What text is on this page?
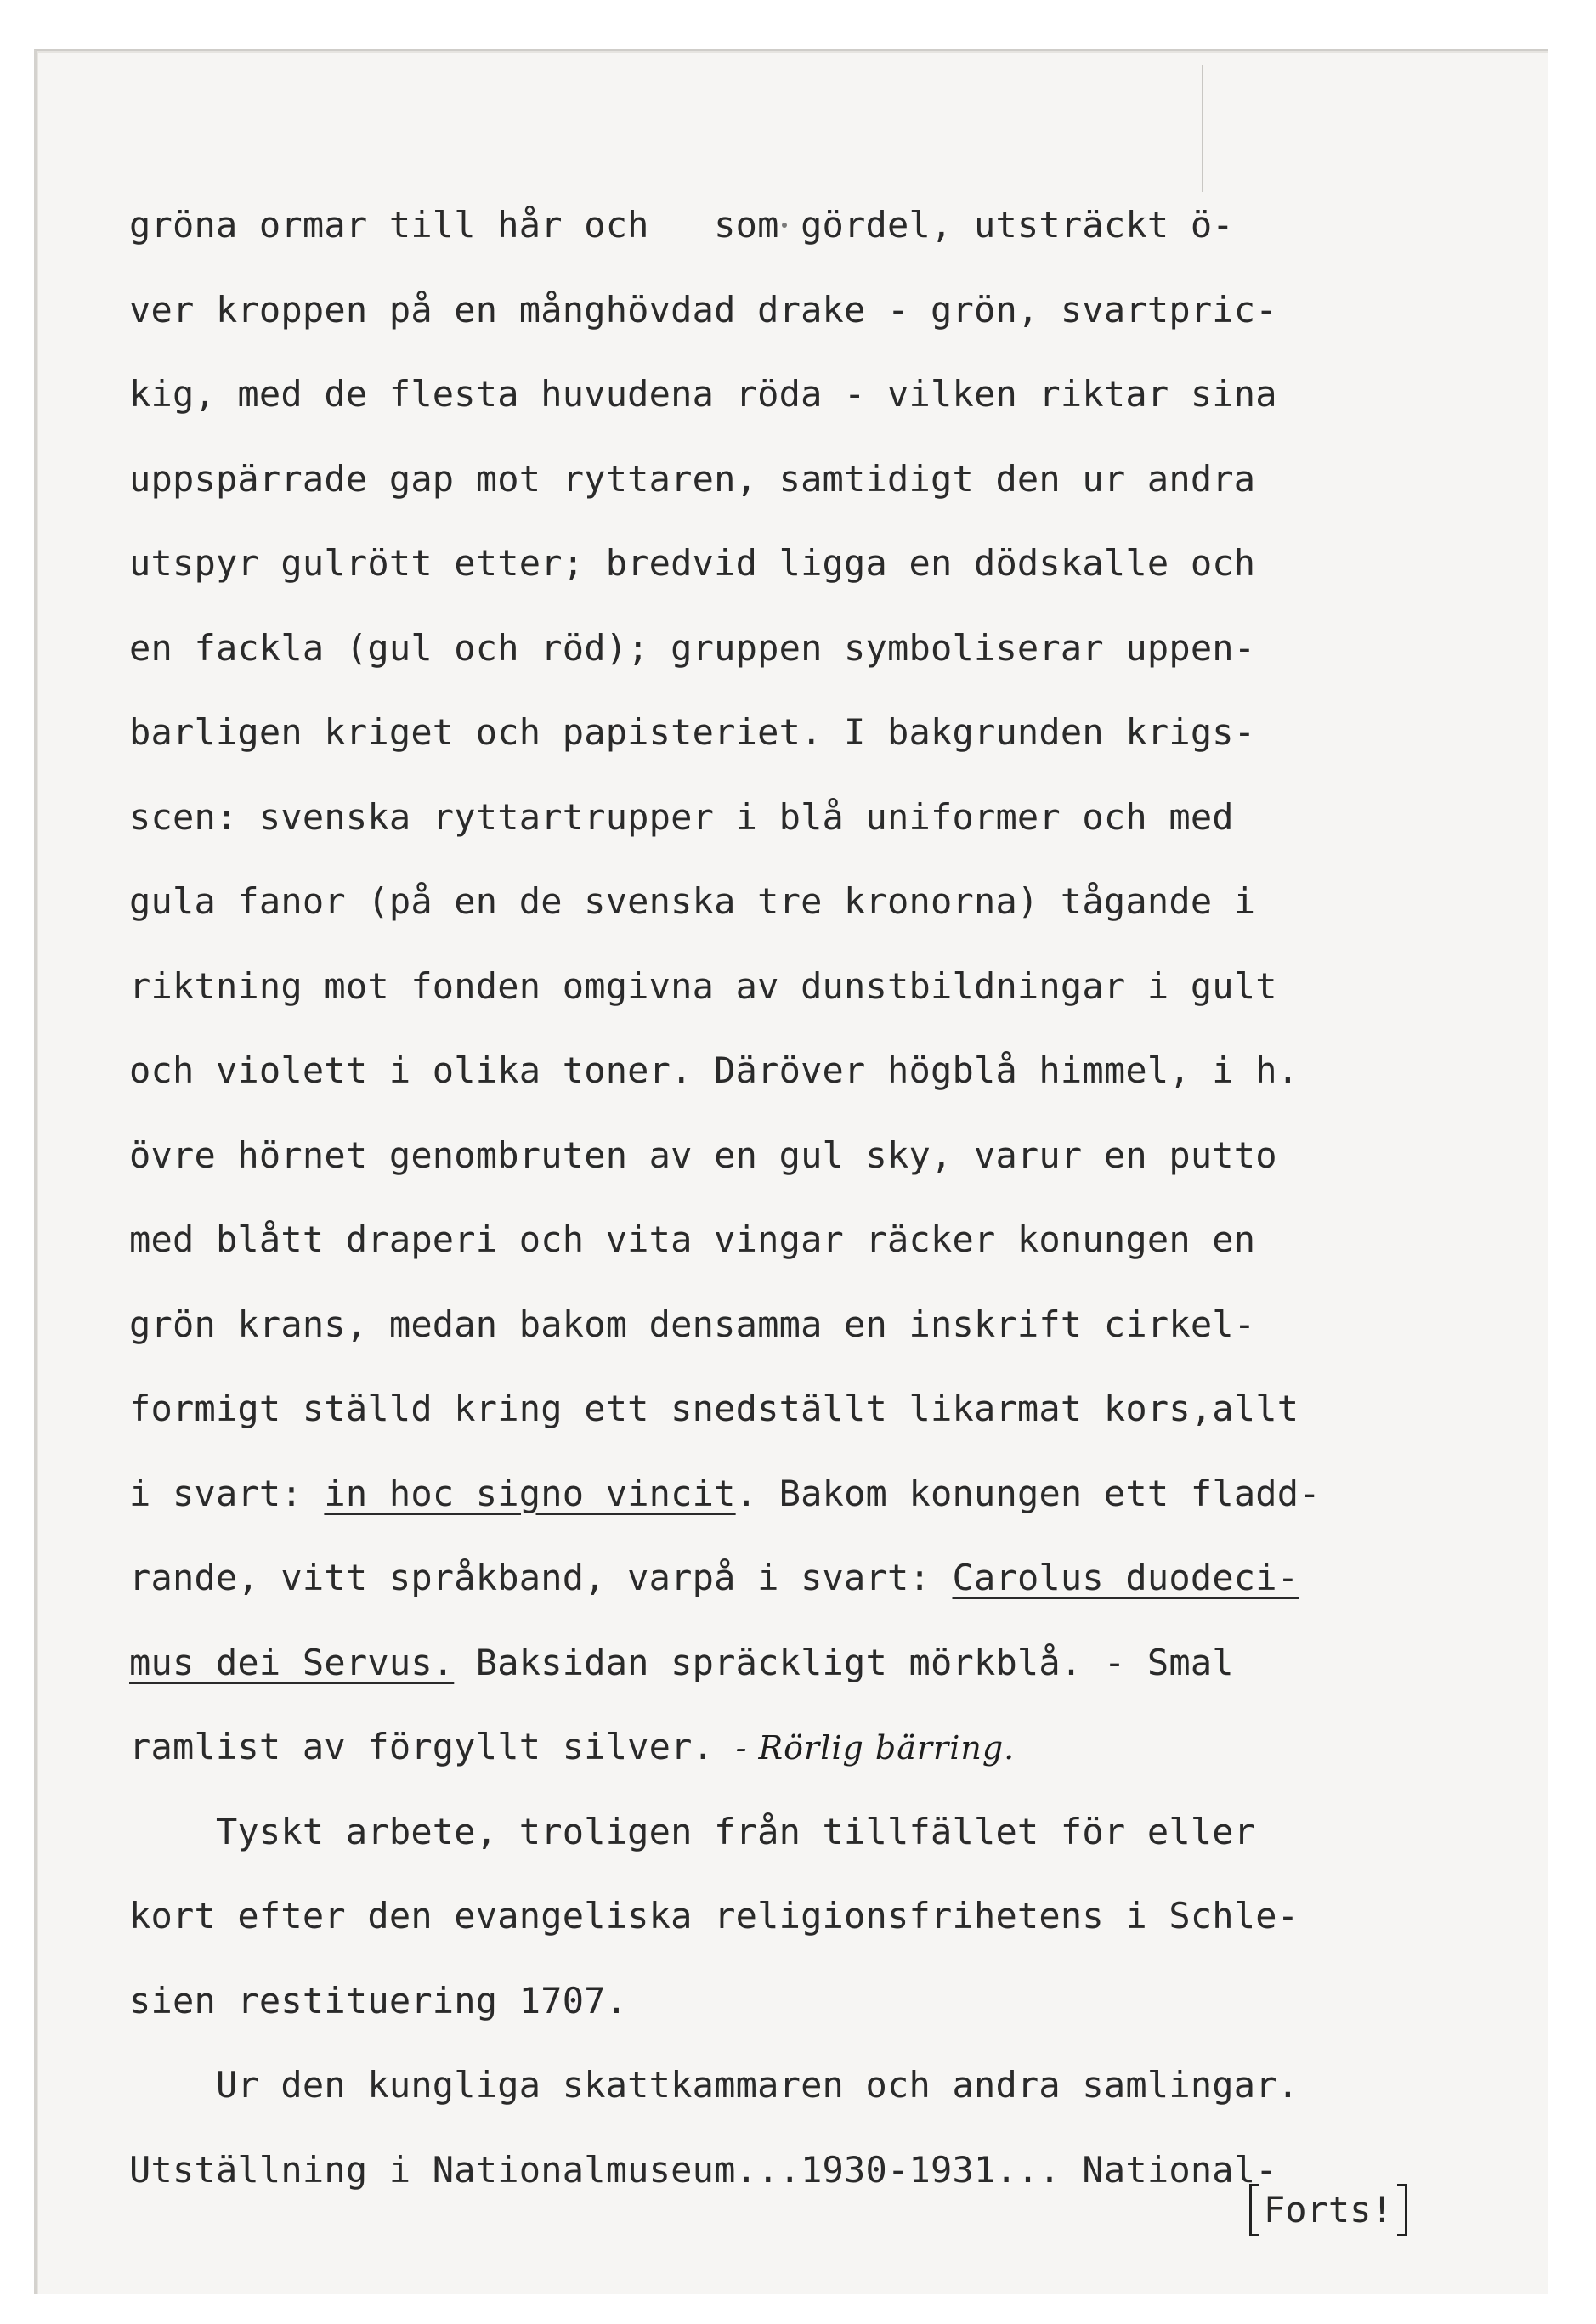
gröna ormar till hår och   som gördel, utsträckt ö-
ver kroppen på en månghövdad drake - grön, svartpric-
kig, med de flesta huvudena röda - vilken riktar sina
uppspärrade gap mot ryttaren, samtidigt den ur andra
utspyr gulrött etter; bredvid ligga en dödskalle och
en fackla (gul och röd); gruppen symboliserar uppen-
barligen kriget och papisteriet. I bakgrunden krigs-
scen: svenska ryttartrupper i blå uniformer och med
gula fanor (på en de svenska tre kronorna) tågande i
riktning mot fonden omgivna av dunstbildningar i gult
och violett i olika toner. Däröver högblå himmel, i h.
övre hörnet genombruten av en gul sky, varur en putto
med blått draperi och vita vingar räcker konungen en
grön krans, medan bakom densamma en inskrift cirkel-
formigt ställd kring ett snedställt likarmat kors,allt
i svart: in hoc signo vincit. Bakom konungen ett fladd-
rande, vitt språkband, varpå i svart: Carolus duodeci-
mus dei Servus. Baksidan spräckligt mörkblå. - Smal
ramlist av förgyllt silver. - Rörlig bärring.
Tyskt arbete, troligen från tillfället för eller
kort efter den evangeliska religionsfrihetens i Schle-
sien restituering 1707.
Ur den kungliga skattkammaren och andra samlingar.
Utställning i Nationalmuseum...1930-1931... National-
Forts!
